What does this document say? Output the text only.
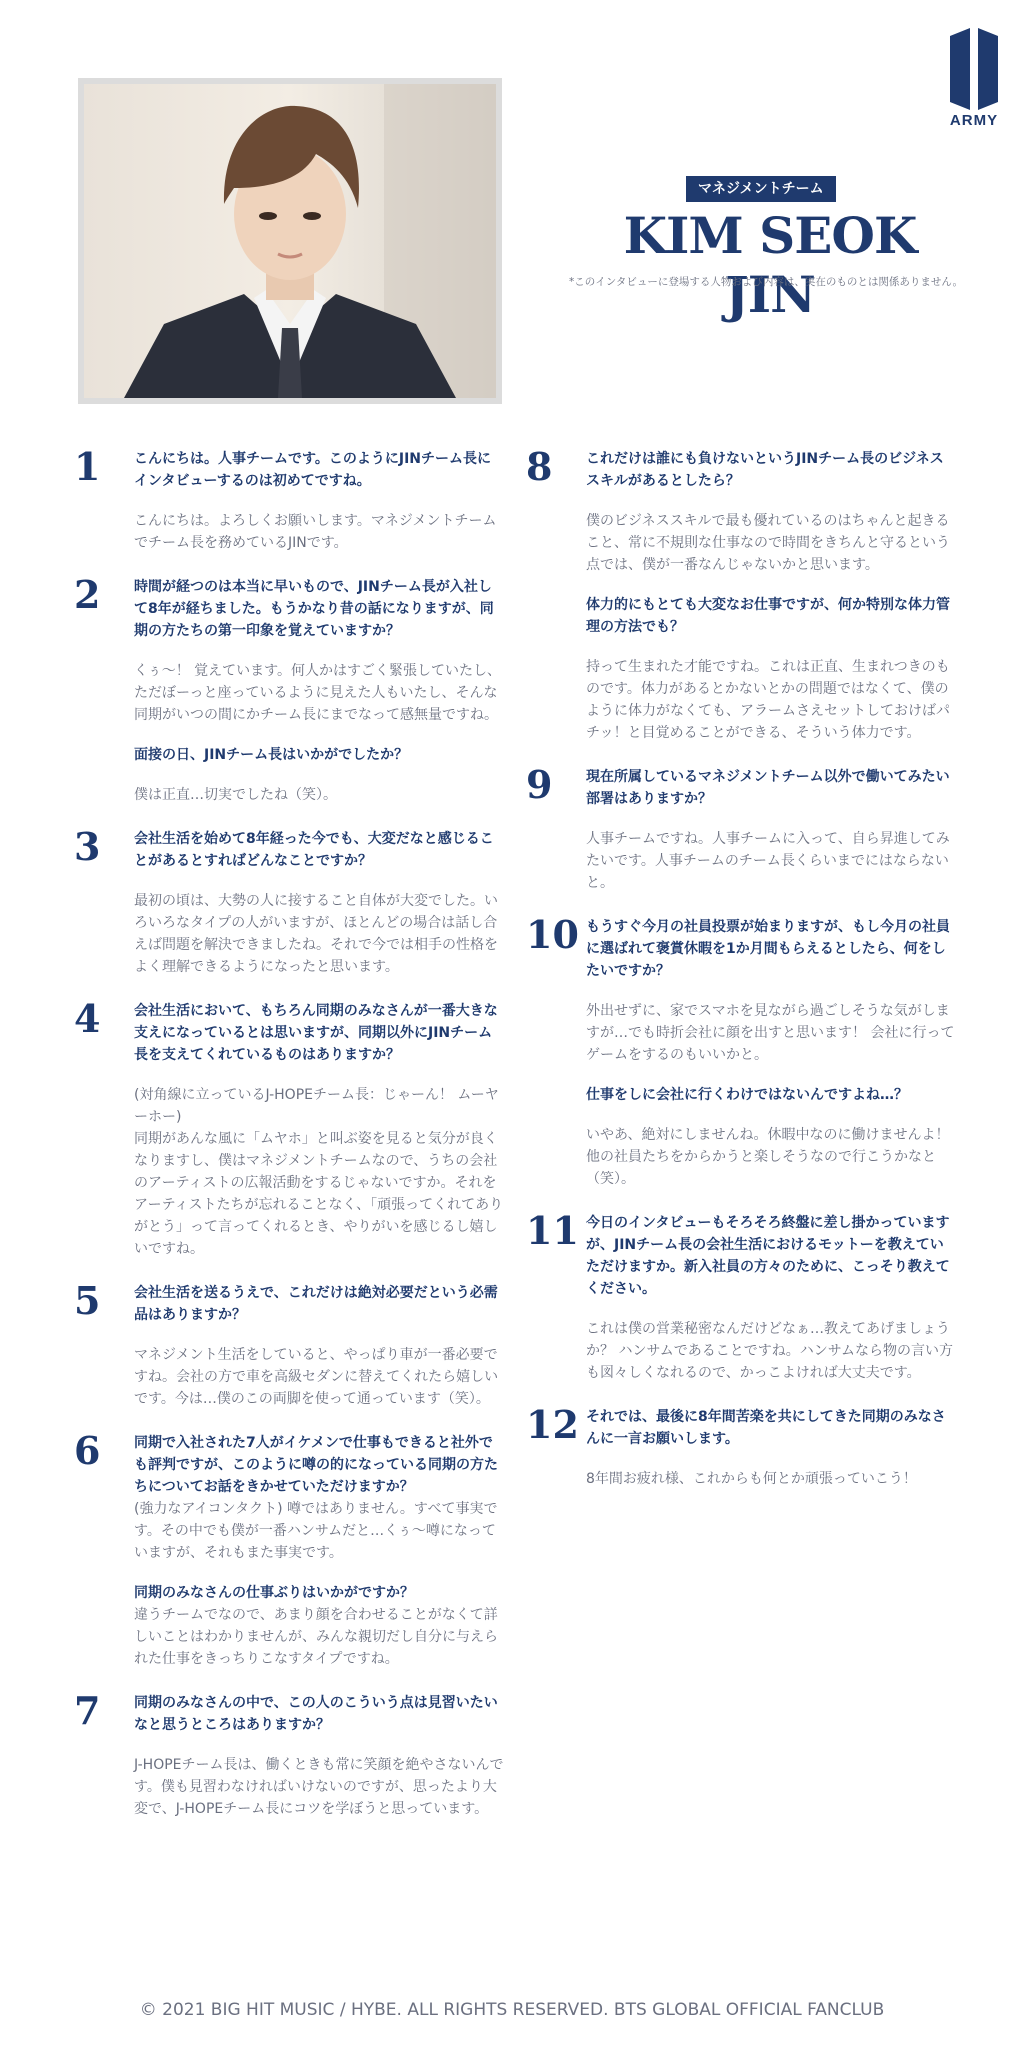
ARMY
マネジメントチーム
KIM SEOK JIN
*このインタビューに登場する人物および内容は、実在のものとは関係ありません。
1	こんにちは。人事チームです。このようにJINチーム長にインタビューするのは初めてですね。
こんにちは。よろしくお願いします。マネジメントチームでチーム長を務めているJINです。
2	時間が経つのは本当に早いもので、JINチーム長が入社して8年が経ちました。もうかなり昔の話になりますが、同期の方たちの第一印象を覚えていますか？
くぅ〜！ 覚えています。何人かはすごく緊張していたし、ただぼーっと座っているように見えた人もいたし、そんな同期がいつの間にかチーム長にまでなって感無量ですね。
面接の日、JINチーム長はいかがでしたか？
僕は正直…切実でしたね（笑）。
3	会社生活を始めて8年経った今でも、大変だなと感じることがあるとすればどんなことですか？
最初の頃は、大勢の人に接すること自体が大変でした。いろいろなタイプの人がいますが、ほとんどの場合は話し合えば問題を解決できましたね。それで今では相手の性格をよく理解できるようになったと思います。
4	会社生活において、もちろん同期のみなさんが一番大きな支えになっているとは思いますが、同期以外にJINチーム長を支えてくれているものはありますか？
(対角線に立っているJ-HOPEチーム長：じゃーん！ ムーヤーホー)
同期があんな風に「ムヤホ」と叫ぶ姿を見ると気分が良くなりますし、僕はマネジメントチームなので、うちの会社のアーティストの広報活動をするじゃないですか。それをアーティストたちが忘れることなく、「頑張ってくれてありがとう」って言ってくれるとき、やりがいを感じるし嬉しいですね。
5	会社生活を送るうえで、これだけは絶対必要だという必需品はありますか？
マネジメント生活をしていると、やっぱり車が一番必要ですね。会社の方で車を高級セダンに替えてくれたら嬉しいです。今は…僕のこの両脚を使って通っています（笑）。
6	同期で入社された7人がイケメンで仕事もできると社外でも評判ですが、このように噂の的になっている同期の方たちについてお話をきかせていただけますか？
(強力なアイコンタクト) 噂ではありません。すべて事実です。その中でも僕が一番ハンサムだと…くぅ〜噂になっていますが、それもまた事実です。
同期のみなさんの仕事ぶりはいかがですか？
違うチームでなので、あまり顔を合わせることがなくて詳しいことはわかりませんが、みんな親切だし自分に与えられた仕事をきっちりこなすタイプですね。
7	同期のみなさんの中で、この人のこういう点は見習いたいなと思うところはありますか？
J-HOPEチーム長は、働くときも常に笑顔を絶やさないんです。僕も見習わなければいけないのですが、思ったより大変で、J-HOPEチーム長にコツを学ぼうと思っています。
8	これだけは誰にも負けないというJINチーム長のビジネススキルがあるとしたら？
僕のビジネススキルで最も優れているのはちゃんと起きること、常に不規則な仕事なので時間をきちんと守るという点では、僕が一番なんじゃないかと思います。
体力的にもとても大変なお仕事ですが、何か特別な体力管理の方法でも？
持って生まれた才能ですね。これは正直、生まれつきのものです。体力があるとかないとかの問題ではなくて、僕のように体力がなくても、アラームさえセットしておけばパチッ！と目覚めることができる、そういう体力です。
9	現在所属しているマネジメントチーム以外で働いてみたい部署はありますか？
人事チームですね。人事チームに入って、自ら昇進してみたいです。人事チームのチーム長くらいまでにはならないと。
10 もうすぐ今月の社員投票が始まりますが、もし今月の社員に選ばれて褒賞休暇を1か月間もらえるとしたら、何をしたいですか？
外出せずに、家でスマホを見ながら過ごしそうな気がしますが…でも時折会社に顔を出すと思います！ 会社に行ってゲームをするのもいいかと。
仕事をしに会社に行くわけではないんですよね…？
いやあ、絶対にしませんね。休暇中なのに働けませんよ！ 他の社員たちをからかうと楽しそうなので行こうかなと（笑）。
11 今日のインタビューもそろそろ終盤に差し掛かっていますが、JINチーム長の会社生活におけるモットーを教えていただけますか。新入社員の方々のために、こっそり教えてください。
これは僕の営業秘密なんだけどなぁ…教えてあげましょうか？ ハンサムであることですね。ハンサムなら物の言い方も図々しくなれるので、かっこよければ大丈夫です。
12 それでは、最後に8年間苦楽を共にしてきた同期のみなさんに一言お願いします。
8年間お疲れ様、これからも何とか頑張っていこう！
© 2021 BIG HIT MUSIC / HYBE. ALL RIGHTS RESERVED. BTS GLOBAL OFFICIAL FANCLUB
